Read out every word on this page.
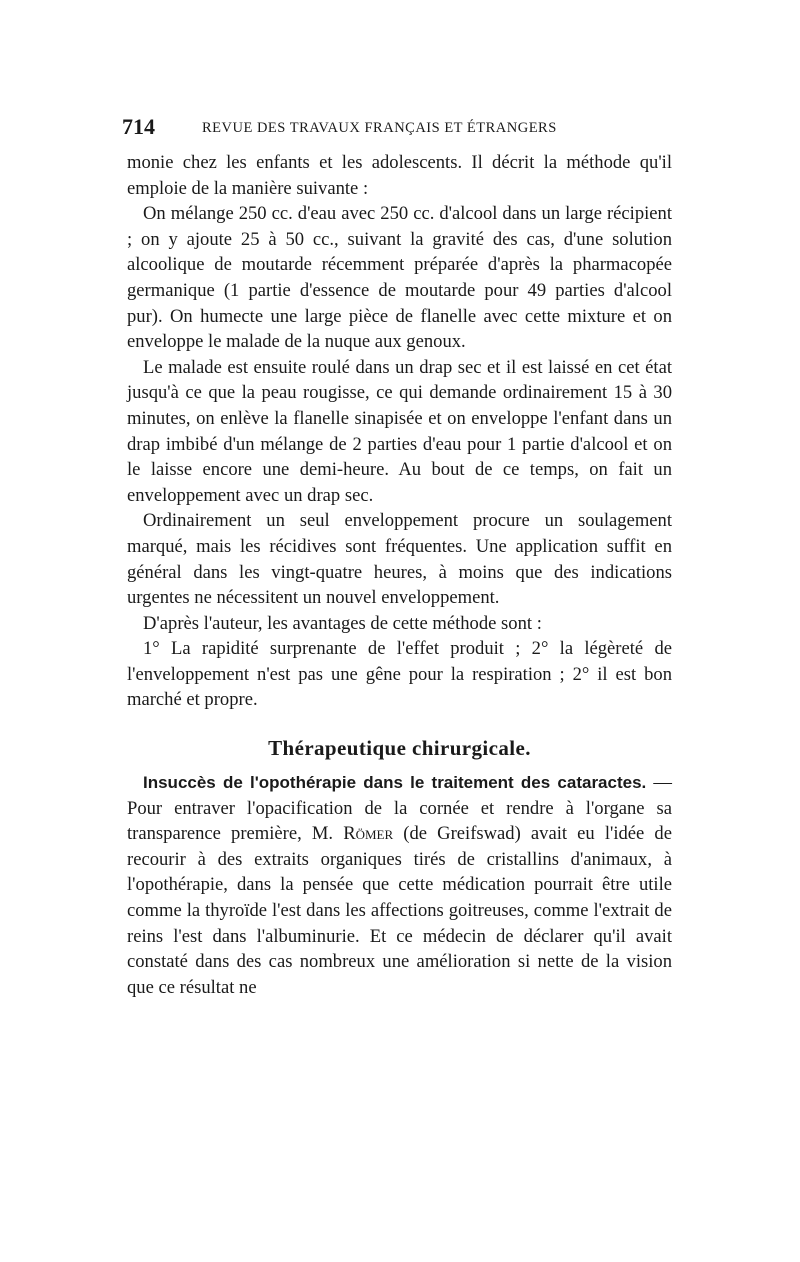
714	REVUE DES TRAVAUX FRANÇAIS ET ÉTRANGERS

monie chez les enfants et les adolescents. Il décrit la méthode qu'il emploie de la manière suivante :

On mélange 250 cc. d'eau avec 250 cc. d'alcool dans un large récipient ; on y ajoute 25 à 50 cc., suivant la gravité des cas, d'une solution alcoolique de moutarde récemment préparée d'après la pharmacopée germanique (1 partie d'essence de moutarde pour 49 parties d'alcool pur). On humecte une large pièce de flanelle avec cette mixture et on enveloppe le malade de la nuque aux genoux.

Le malade est ensuite roulé dans un drap sec et il est laissé en cet état jusqu'à ce que la peau rougisse, ce qui demande ordinairement 15 à 30 minutes, on enlève la flanelle sinapisée et on enveloppe l'enfant dans un drap imbibé d'un mélange de 2 parties d'eau pour 1 partie d'alcool et on le laisse encore une demi-heure. Au bout de ce temps, on fait un enveloppement avec un drap sec.

Ordinairement un seul enveloppement procure un soulagement marqué, mais les récidives sont fréquentes. Une application suffit en général dans les vingt-quatre heures, à moins que des indications urgentes ne nécessitent un nouvel enveloppement.

D'après l'auteur, les avantages de cette méthode sont :

1° La rapidité surprenante de l'effet produit ; 2° la légèreté de l'enveloppement n'est pas une gêne pour la respiration ; 2° il est bon marché et propre.

Thérapeutique chirurgicale.

Insuccès de l'opothérapie dans le traitement des cataractes. — Pour entraver l'opacification de la cornée et rendre à l'organe sa transparence première, M. Römer (de Greifswad) avait eu l'idée de recourir à des extraits organiques tirés de cristallins d'animaux, à l'opothérapie, dans la pensée que cette médication pourrait être utile comme la thyroïde l'est dans les affections goitreuses, comme l'extrait de reins l'est dans l'albuminurie. Et ce médecin de déclarer qu'il avait constaté dans des cas nombreux une amélioration si nette de la vision que ce résultat ne
